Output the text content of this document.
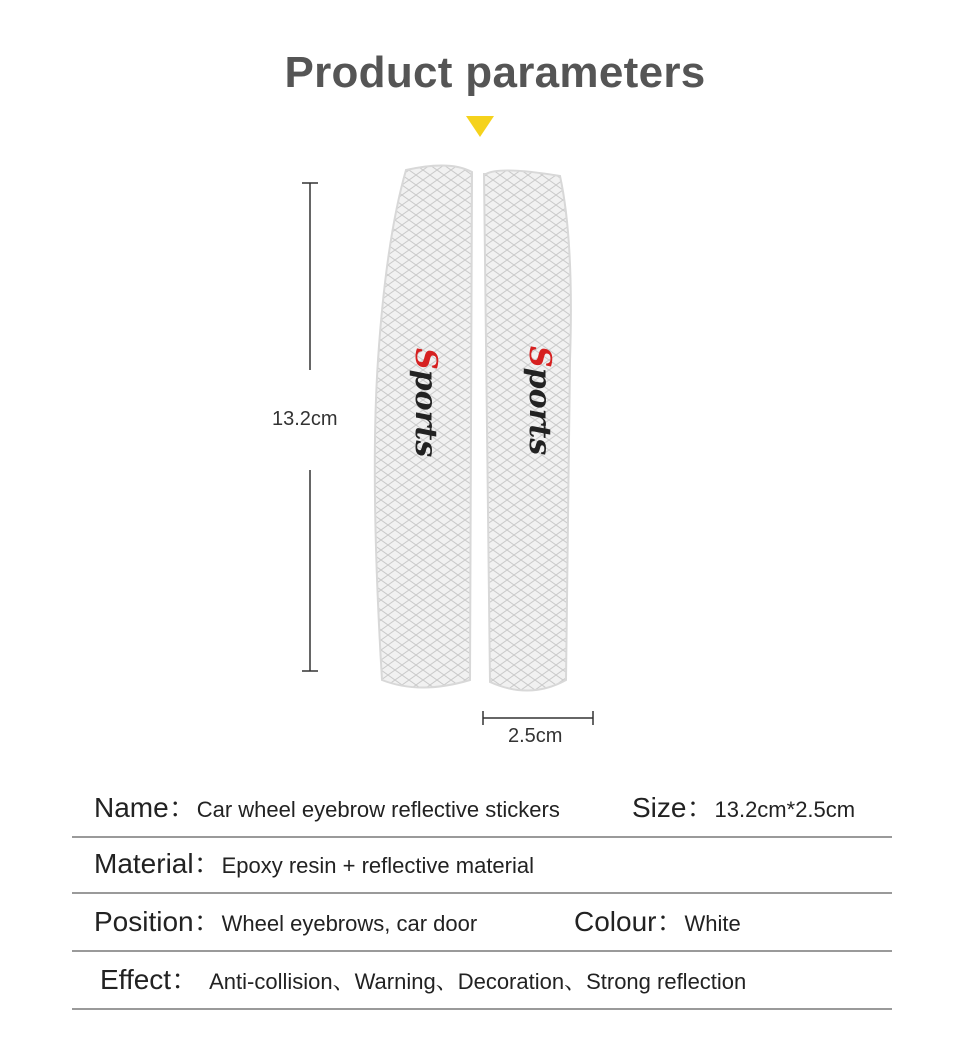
Product parameters
13.2cm
Sports
Sports
2.5cm
Name：Car wheel eyebrow reflective stickers	Size：13.2cm*2.5cm
Material：Epoxy resin + reflective material
Position：Wheel eyebrows, car door	Colour：White
Effect： Anti-collision、Warning、Decoration、Strong reflection
